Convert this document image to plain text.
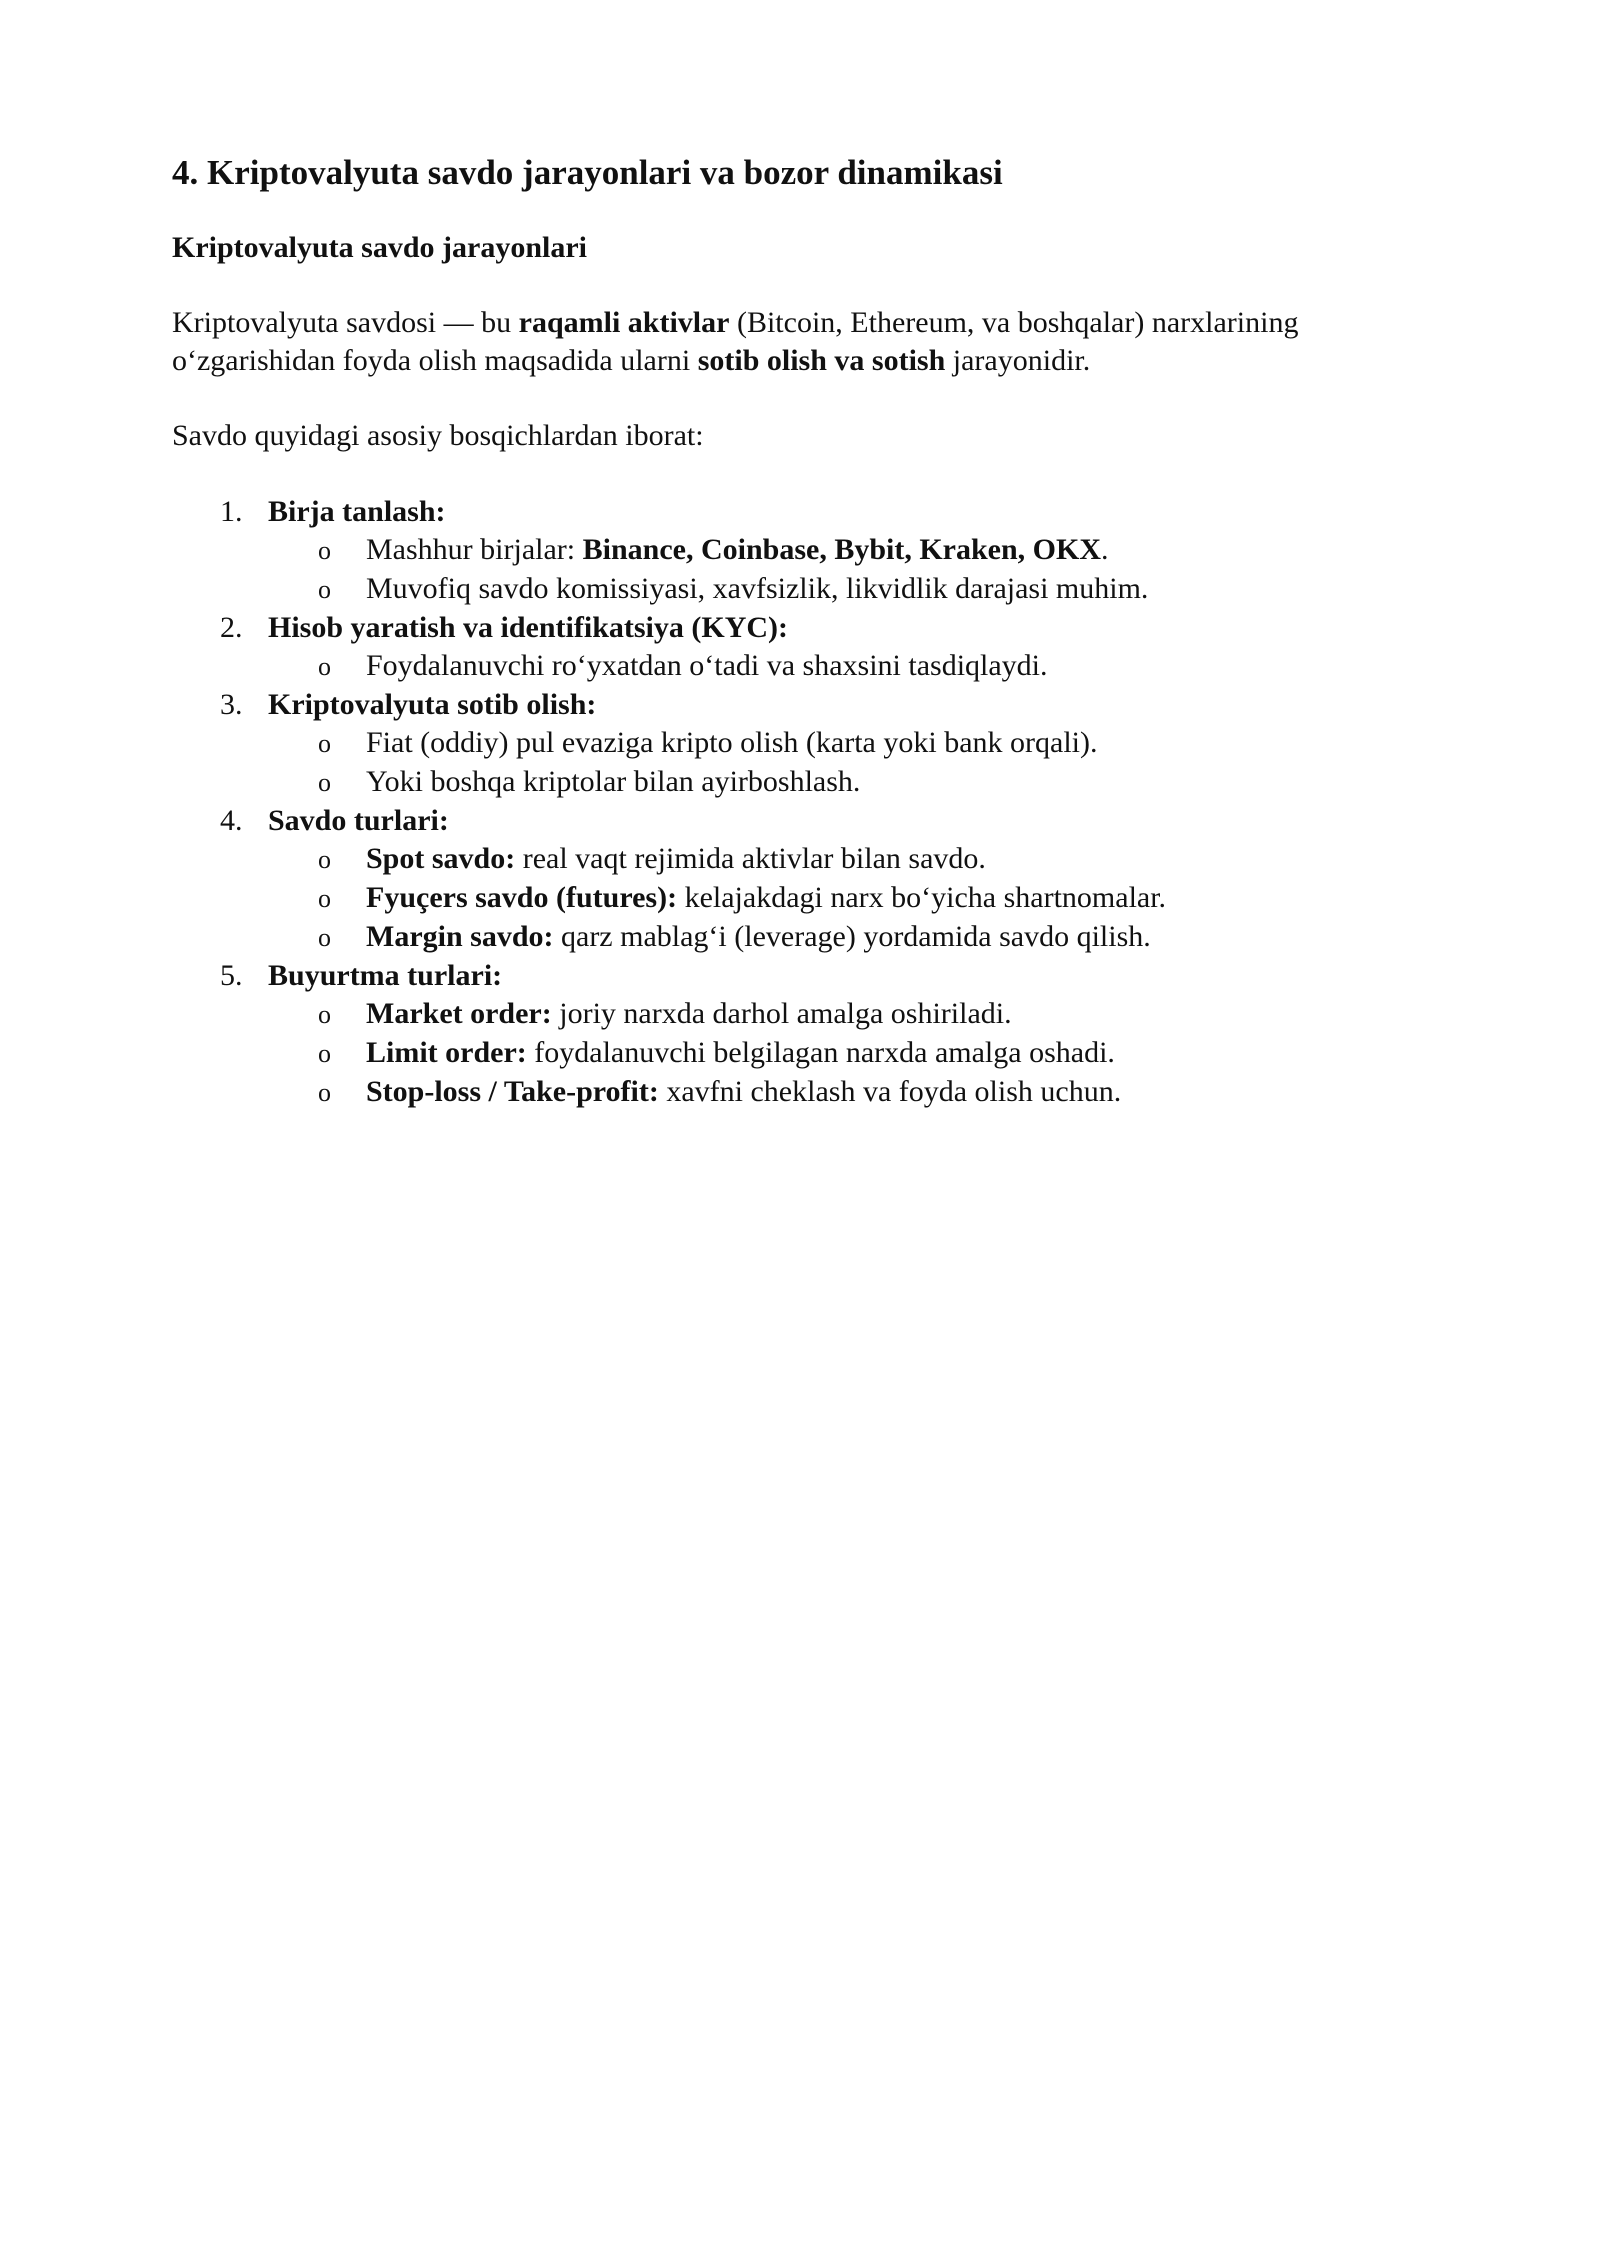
4. Kriptovalyuta savdo jarayonlari va bozor dinamikasi
Kriptovalyuta savdo jarayonlari

Kriptovalyuta savdosi — bu raqamli aktivlar (Bitcoin, Ethereum, va boshqalar) narxlarining
oʻzgarishidan foyda olish maqsadida ularni sotib olish va sotish jarayonidir.

Savdo quyidagi asosiy bosqichlardan iborat:

1. Birja tanlash:
o	Mashhur birjalar: Binance, Coinbase, Bybit, Kraken, OKX.
o	Muvofiq savdo komissiyasi, xavfsizlik, likvidlik darajasi muhim.
2. Hisob yaratish va identifikatsiya (KYC):
o	Foydalanuvchi roʻyxatdan oʻtadi va shaxsini tasdiqlaydi.
3. Kriptovalyuta sotib olish:
o	Fiat (oddiy) pul evaziga kripto olish (karta yoki bank orqali).
o	Yoki boshqa kriptolar bilan ayirboshlash.
4. Savdo turlari:
o	Spot savdo: real vaqt rejimida aktivlar bilan savdo.
o	Fyuçers savdo (futures): kelajakdagi narx boʻyicha shartnomalar.
o	Margin savdo: qarz mablagʻi (leverage) yordamida savdo qilish.
5. Buyurtma turlari:
o	Market order: joriy narxda darhol amalga oshiriladi.
o	Limit order: foydalanuvchi belgilagan narxda amalga oshadi.
o	Stop-loss / Take-profit: xavfni cheklash va foyda olish uchun.
